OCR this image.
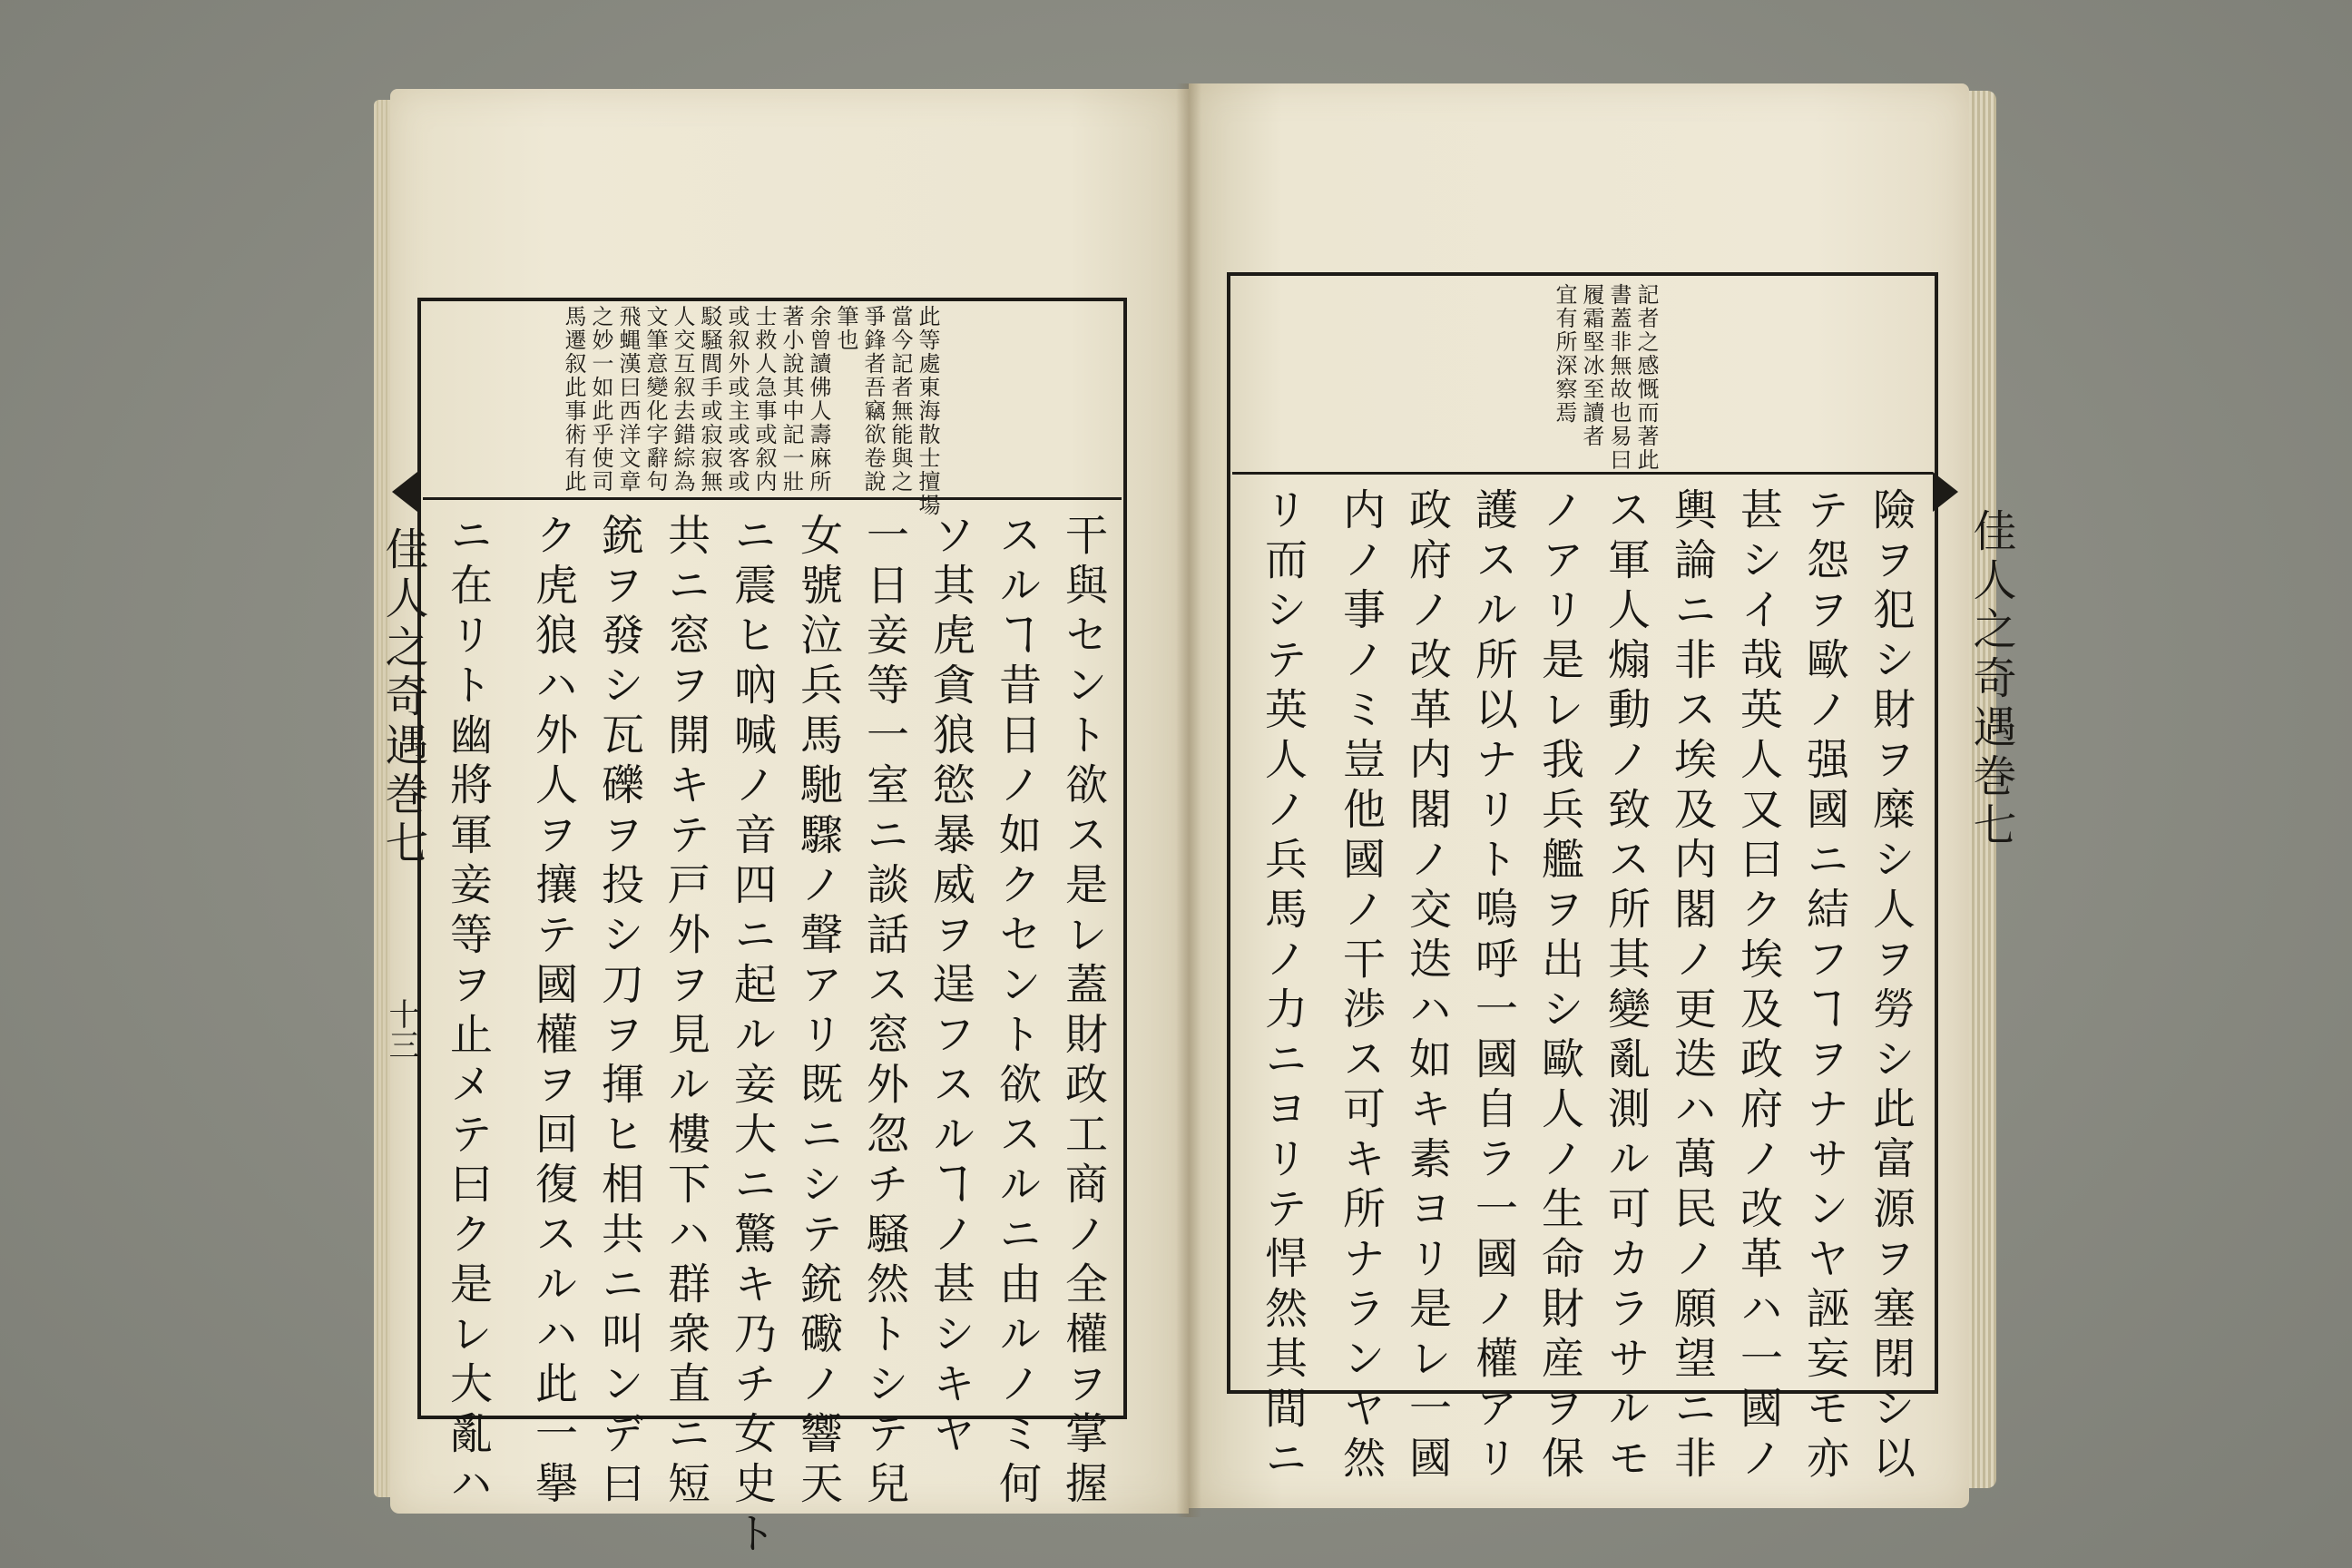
此等處東海散士擅場
當今記者無能與之
爭鋒者吾竊欲卷說
筆也
余曾讀佛人壽麻所
著小說其中記一壯
士救人急事或叙内
或叙外或主或客或
駁騒閭手或寂寂無
人交互叙去錯綜為
文筆意變化字辭句
飛蝿漢曰西洋文章
之妙一如此乎使司
馬遷叙此事術有此
干與セント欲ス是レ蓋財政工商ノ全權ヲ掌握
スルヿ昔日ノ如クセント欲スルニ由ルノミ何
ソ其虎貪狼慾暴威ヲ逞フスルヿノ甚シキヤ
一日妾等一室ニ談話ス窓外忽チ騒然トシテ兒
女號泣兵馬馳驟ノ聲アリ既ニシテ銃礮ノ響天
ニ震ヒ吶喊ノ音四ニ起ル妾大ニ驚キ乃チ女史ト
共ニ窓ヲ開キテ戸外ヲ見ル樓下ハ群衆直ニ短
銃ヲ發シ瓦礫ヲ投シ刀ヲ揮ヒ相共ニ叫ンデ曰
ク虎狼ハ外人ヲ攘テ國權ヲ回復スルハ此一擧
ニ在リト幽將軍妾等ヲ止メテ曰ク是レ大亂ハ
佳人之奇遇巻七
十三
記者之感慨而著此
書蓋非無故也易曰
履霜堅冰至讀者
宜有所深察焉
險ヲ犯シ財ヲ糜シ人ヲ勞シ此富源ヲ塞閉シ以
テ怨ヲ歐ノ强國ニ結フヿヲナサンヤ誣妄モ亦
甚シイ哉英人又曰ク埃及政府ノ改革ハ一國ノ
輿論ニ非ス埃及内閣ノ更迭ハ萬民ノ願望ニ非
ス軍人煽動ノ致ス所其變亂測ル可カラサルモ
ノアリ是レ我兵艦ヲ出シ歐人ノ生命財産ヲ保
護スル所以ナリト嗚呼一國自ラ一國ノ權アリ
政府ノ改革内閣ノ交迭ハ如キ素ヨリ是レ一國
内ノ事ノミ豈他國ノ干渉ス可キ所ナランヤ然
リ而シテ英人ノ兵馬ノ力ニヨリテ悍然其間ニ	佳人之奇遇巻七
